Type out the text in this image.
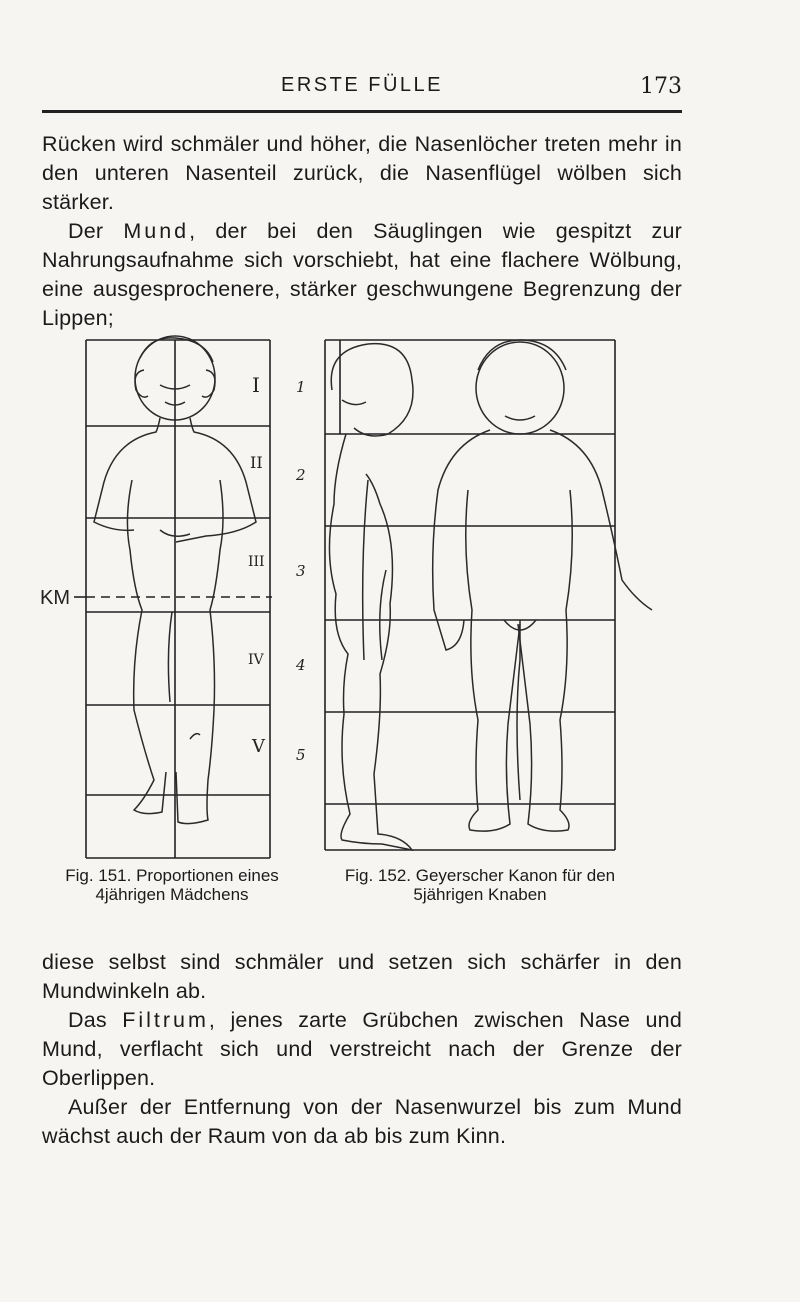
ERSTE FÜLLE	173

Rücken wird schmäler und höher, die Nasenlöcher treten mehr in den unteren Nasenteil zurück, die Nasenflügel wölben sich stärker.

Der Mund, der bei den Säuglingen wie gespitzt zur Nahrungsaufnahme sich vorschiebt, hat eine flachere Wölbung, eine ausgesprochenere, stärker geschwungene Begrenzung der Lippen;

KM
I
II
III
IV
V
Fig. 151. Proportionen eines
4jährigen Mädchens
1
2
3
4
5
Fig. 152. Geyerscher Kanon für den
5jährigen Knaben

diese selbst sind schmäler und setzen sich schärfer in den Mundwinkeln ab.

Das Filtrum, jenes zarte Grübchen zwischen Nase und Mund, verflacht sich und verstreicht nach der Grenze der Oberlippen.

Außer der Entfernung von der Nasenwurzel bis zum Mund wächst auch der Raum von da ab bis zum Kinn.
